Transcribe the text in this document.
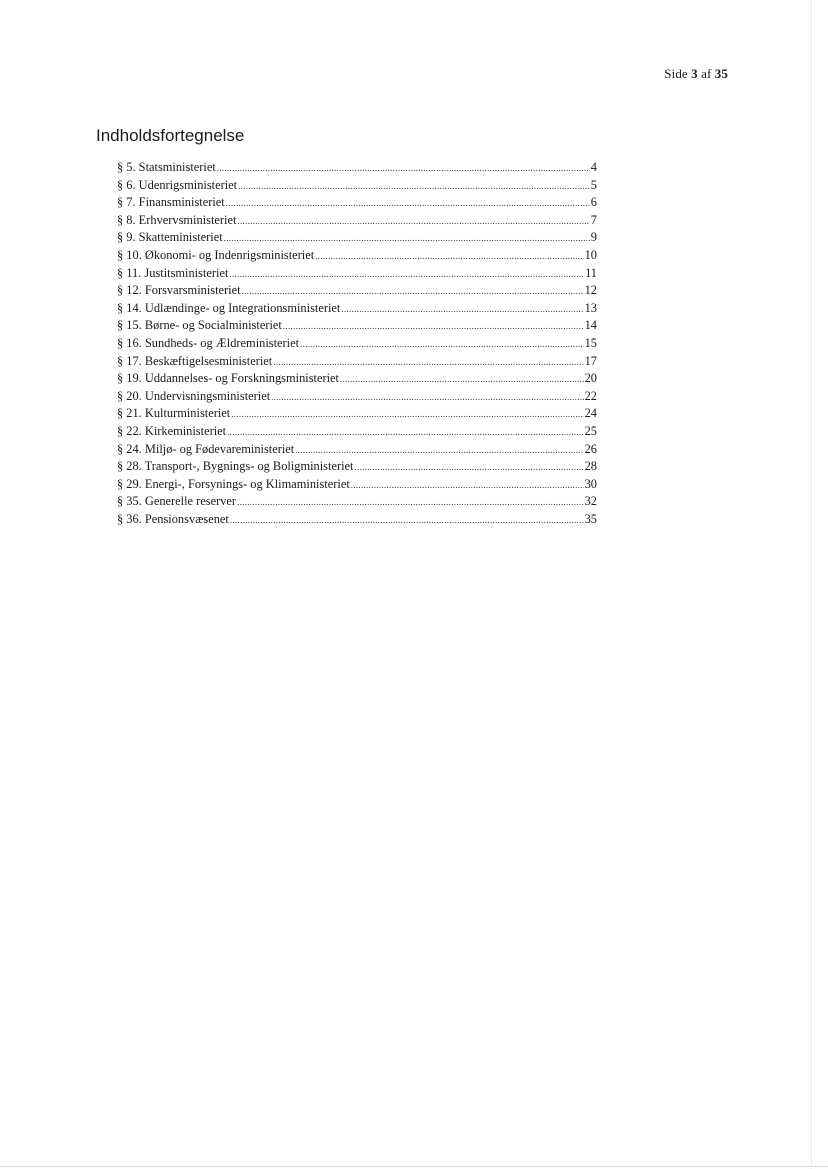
Side 3 af 35
Indholdsfortegnelse
§ 5. Statsministeriet .....	4
§ 6. Udenrigsministeriet .....	5
§ 7. Finansministeriet .....	6
§ 8. Erhvervsministeriet .....	7
§ 9. Skatteministeriet .....	9
§ 10. Økonomi- og Indenrigsministeriet .....	10
§ 11. Justitsministeriet .....	11
§ 12. Forsvarsministeriet .....	12
§ 14. Udlændinge- og Integrationsministeriet .....	13
§ 15. Børne- og Socialministeriet .....	14
§ 16. Sundheds- og Ældreministeriet .....	15
§ 17. Beskæftigelsesministeriet .....	17
§ 19. Uddannelses- og Forskningsministeriet .....	20
§ 20. Undervisningsministeriet .....	22
§ 21. Kulturministeriet .....	24
§ 22. Kirkeministeriet .....	25
§ 24. Miljø- og Fødevareministeriet .....	26
§ 28. Transport-, Bygnings- og Boligministeriet .....	28
§ 29. Energi-, Forsynings- og Klimaministeriet .....	30
§ 35. Generelle reserver .....	32
§ 36. Pensionsvæsenet .....	35
